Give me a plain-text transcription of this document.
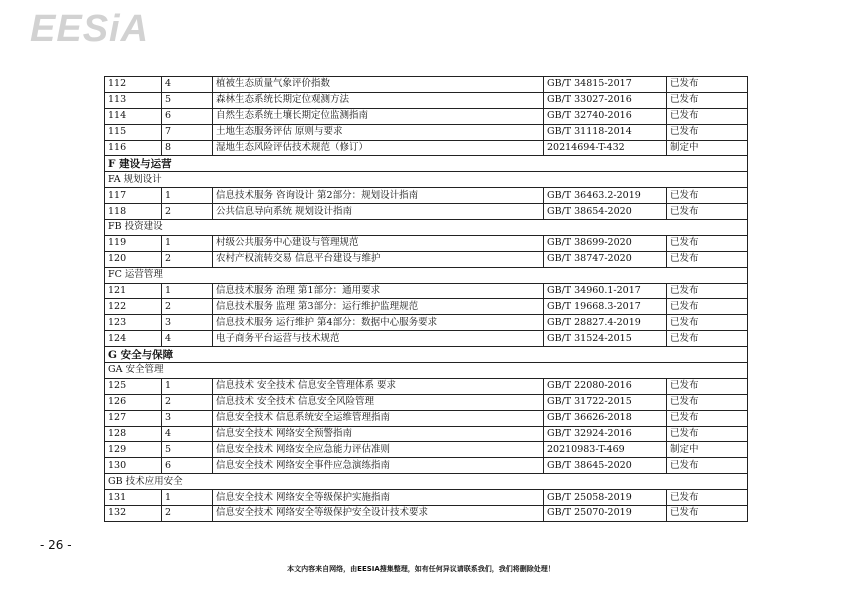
EESiA
112	4	植被生态质量气象评价指数	GB/T 34815-2017	已发布
113	5	森林生态系统长期定位观测方法	GB/T 33027-2016	已发布
114	6	自然生态系统土壤长期定位监测指南	GB/T 32740-2016	已发布
115	7	土地生态服务评估 原则与要求	GB/T 31118-2014	已发布
116	8	湿地生态风险评估技术规范（修订）	20214694-T-432	制定中
F 建设与运营				
FA 规划设计				
117	1	信息技术服务 咨询设计 第2部分：规划设计指南	GB/T 36463.2-2019	已发布
118	2	公共信息导向系统 规划设计指南	GB/T 38654-2020	已发布
FB 投资建设				
119	1	村级公共服务中心建设与管理规范	GB/T 38699-2020	已发布
120	2	农村产权流转交易 信息平台建设与维护	GB/T 38747-2020	已发布
FC 运营管理				
121	1	信息技术服务 治理 第1部分：通用要求	GB/T 34960.1-2017	已发布
122	2	信息技术服务 监理 第3部分：运行维护监理规范	GB/T 19668.3-2017	已发布
123	3	信息技术服务 运行维护 第4部分：数据中心服务要求	GB/T 28827.4-2019	已发布
124	4	电子商务平台运营与技术规范	GB/T 31524-2015	已发布
G 安全与保障				
GA 安全管理				
125	1	信息技术 安全技术 信息安全管理体系 要求	GB/T 22080-2016	已发布
126	2	信息技术 安全技术 信息安全风险管理	GB/T 31722-2015	已发布
127	3	信息安全技术 信息系统安全运维管理指南	GB/T 36626-2018	已发布
128	4	信息安全技术 网络安全预警指南	GB/T 32924-2016	已发布
129	5	信息安全技术 网络安全应急能力评估准则	20210983-T-469	制定中
130	6	信息安全技术 网络安全事件应急演练指南	GB/T 38645-2020	已发布
GB 技术应用安全				
131	1	信息安全技术 网络安全等级保护实施指南	GB/T 25058-2019	已发布
132	2	信息安全技术 网络安全等级保护安全设计技术要求	GB/T 25070-2019	已发布
- 26 -
本文内容来自网络，由EESIA搜集整理，如有任何异议请联系我们，我们将删除处理！
